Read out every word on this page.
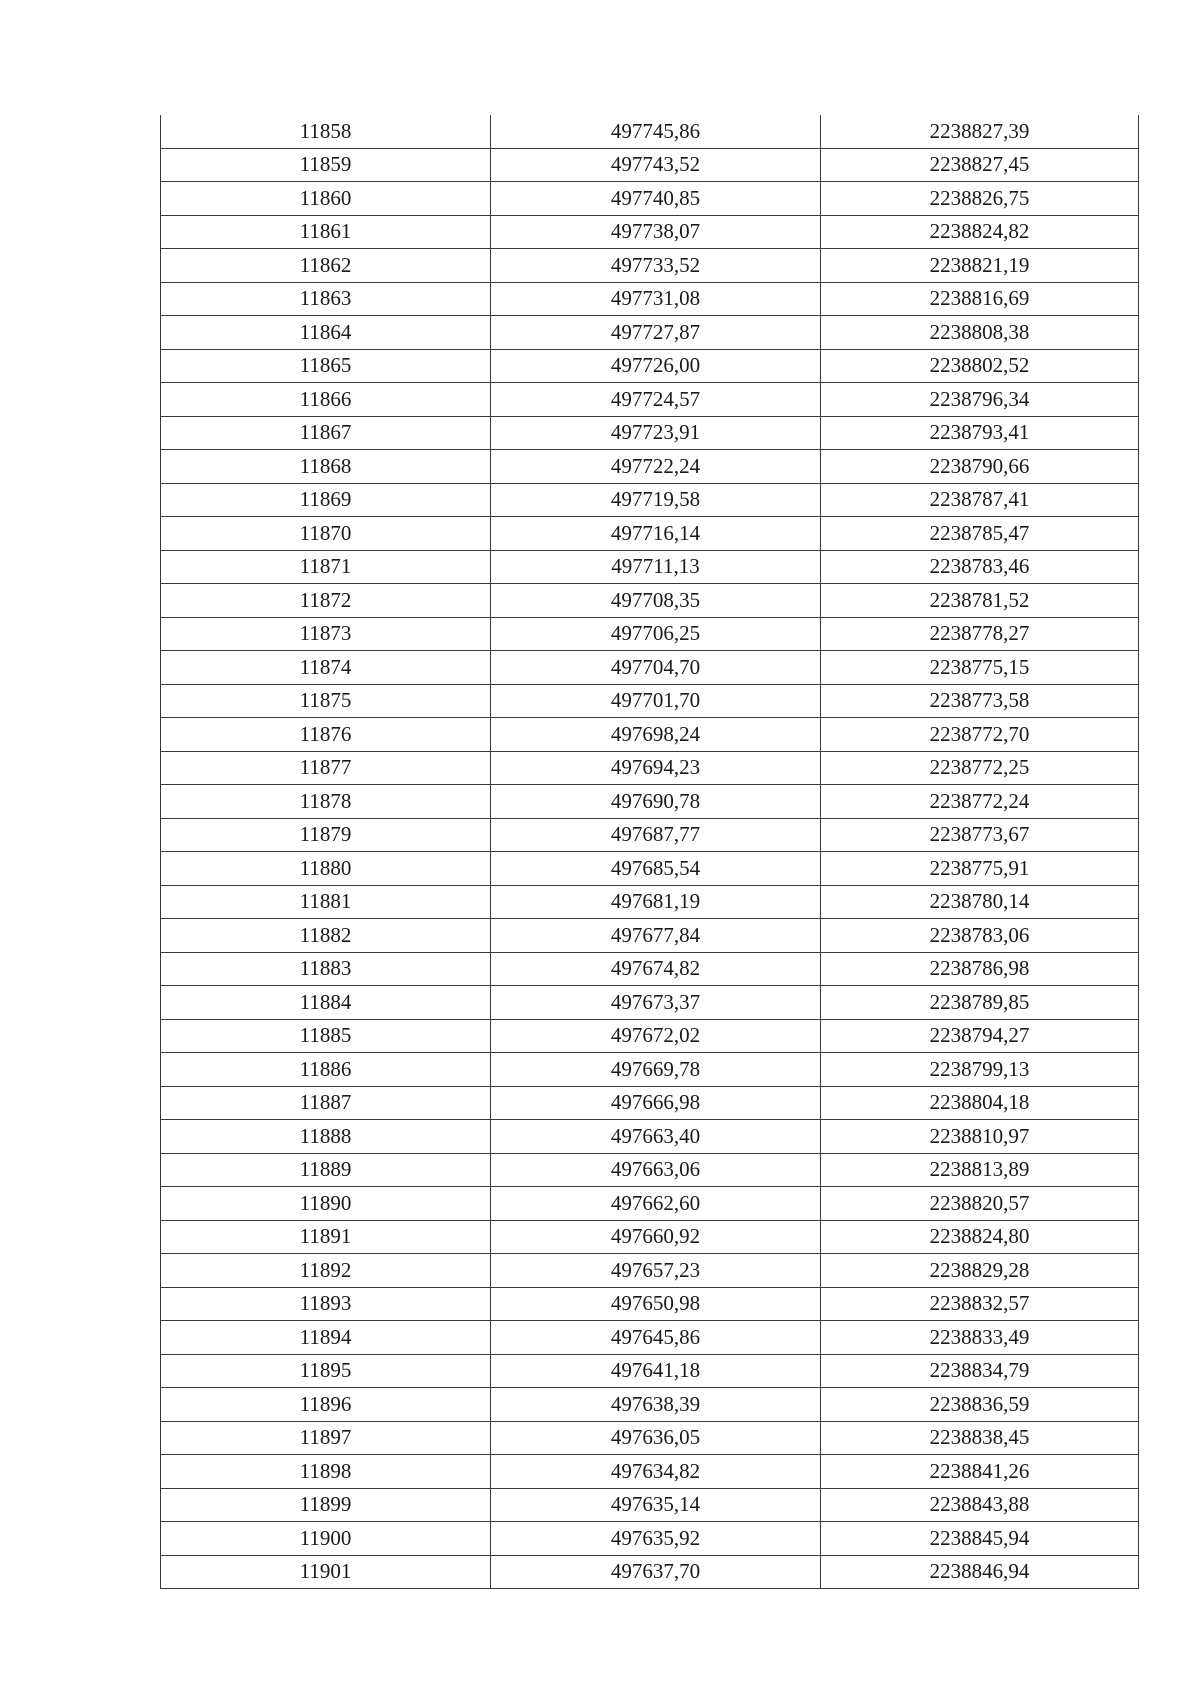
11858	497745,86	2238827,39
11859	497743,52	2238827,45
11860	497740,85	2238826,75
11861	497738,07	2238824,82
11862	497733,52	2238821,19
11863	497731,08	2238816,69
11864	497727,87	2238808,38
11865	497726,00	2238802,52
11866	497724,57	2238796,34
11867	497723,91	2238793,41
11868	497722,24	2238790,66
11869	497719,58	2238787,41
11870	497716,14	2238785,47
11871	497711,13	2238783,46
11872	497708,35	2238781,52
11873	497706,25	2238778,27
11874	497704,70	2238775,15
11875	497701,70	2238773,58
11876	497698,24	2238772,70
11877	497694,23	2238772,25
11878	497690,78	2238772,24
11879	497687,77	2238773,67
11880	497685,54	2238775,91
11881	497681,19	2238780,14
11882	497677,84	2238783,06
11883	497674,82	2238786,98
11884	497673,37	2238789,85
11885	497672,02	2238794,27
11886	497669,78	2238799,13
11887	497666,98	2238804,18
11888	497663,40	2238810,97
11889	497663,06	2238813,89
11890	497662,60	2238820,57
11891	497660,92	2238824,80
11892	497657,23	2238829,28
11893	497650,98	2238832,57
11894	497645,86	2238833,49
11895	497641,18	2238834,79
11896	497638,39	2238836,59
11897	497636,05	2238838,45
11898	497634,82	2238841,26
11899	497635,14	2238843,88
11900	497635,92	2238845,94
11901	497637,70	2238846,94
